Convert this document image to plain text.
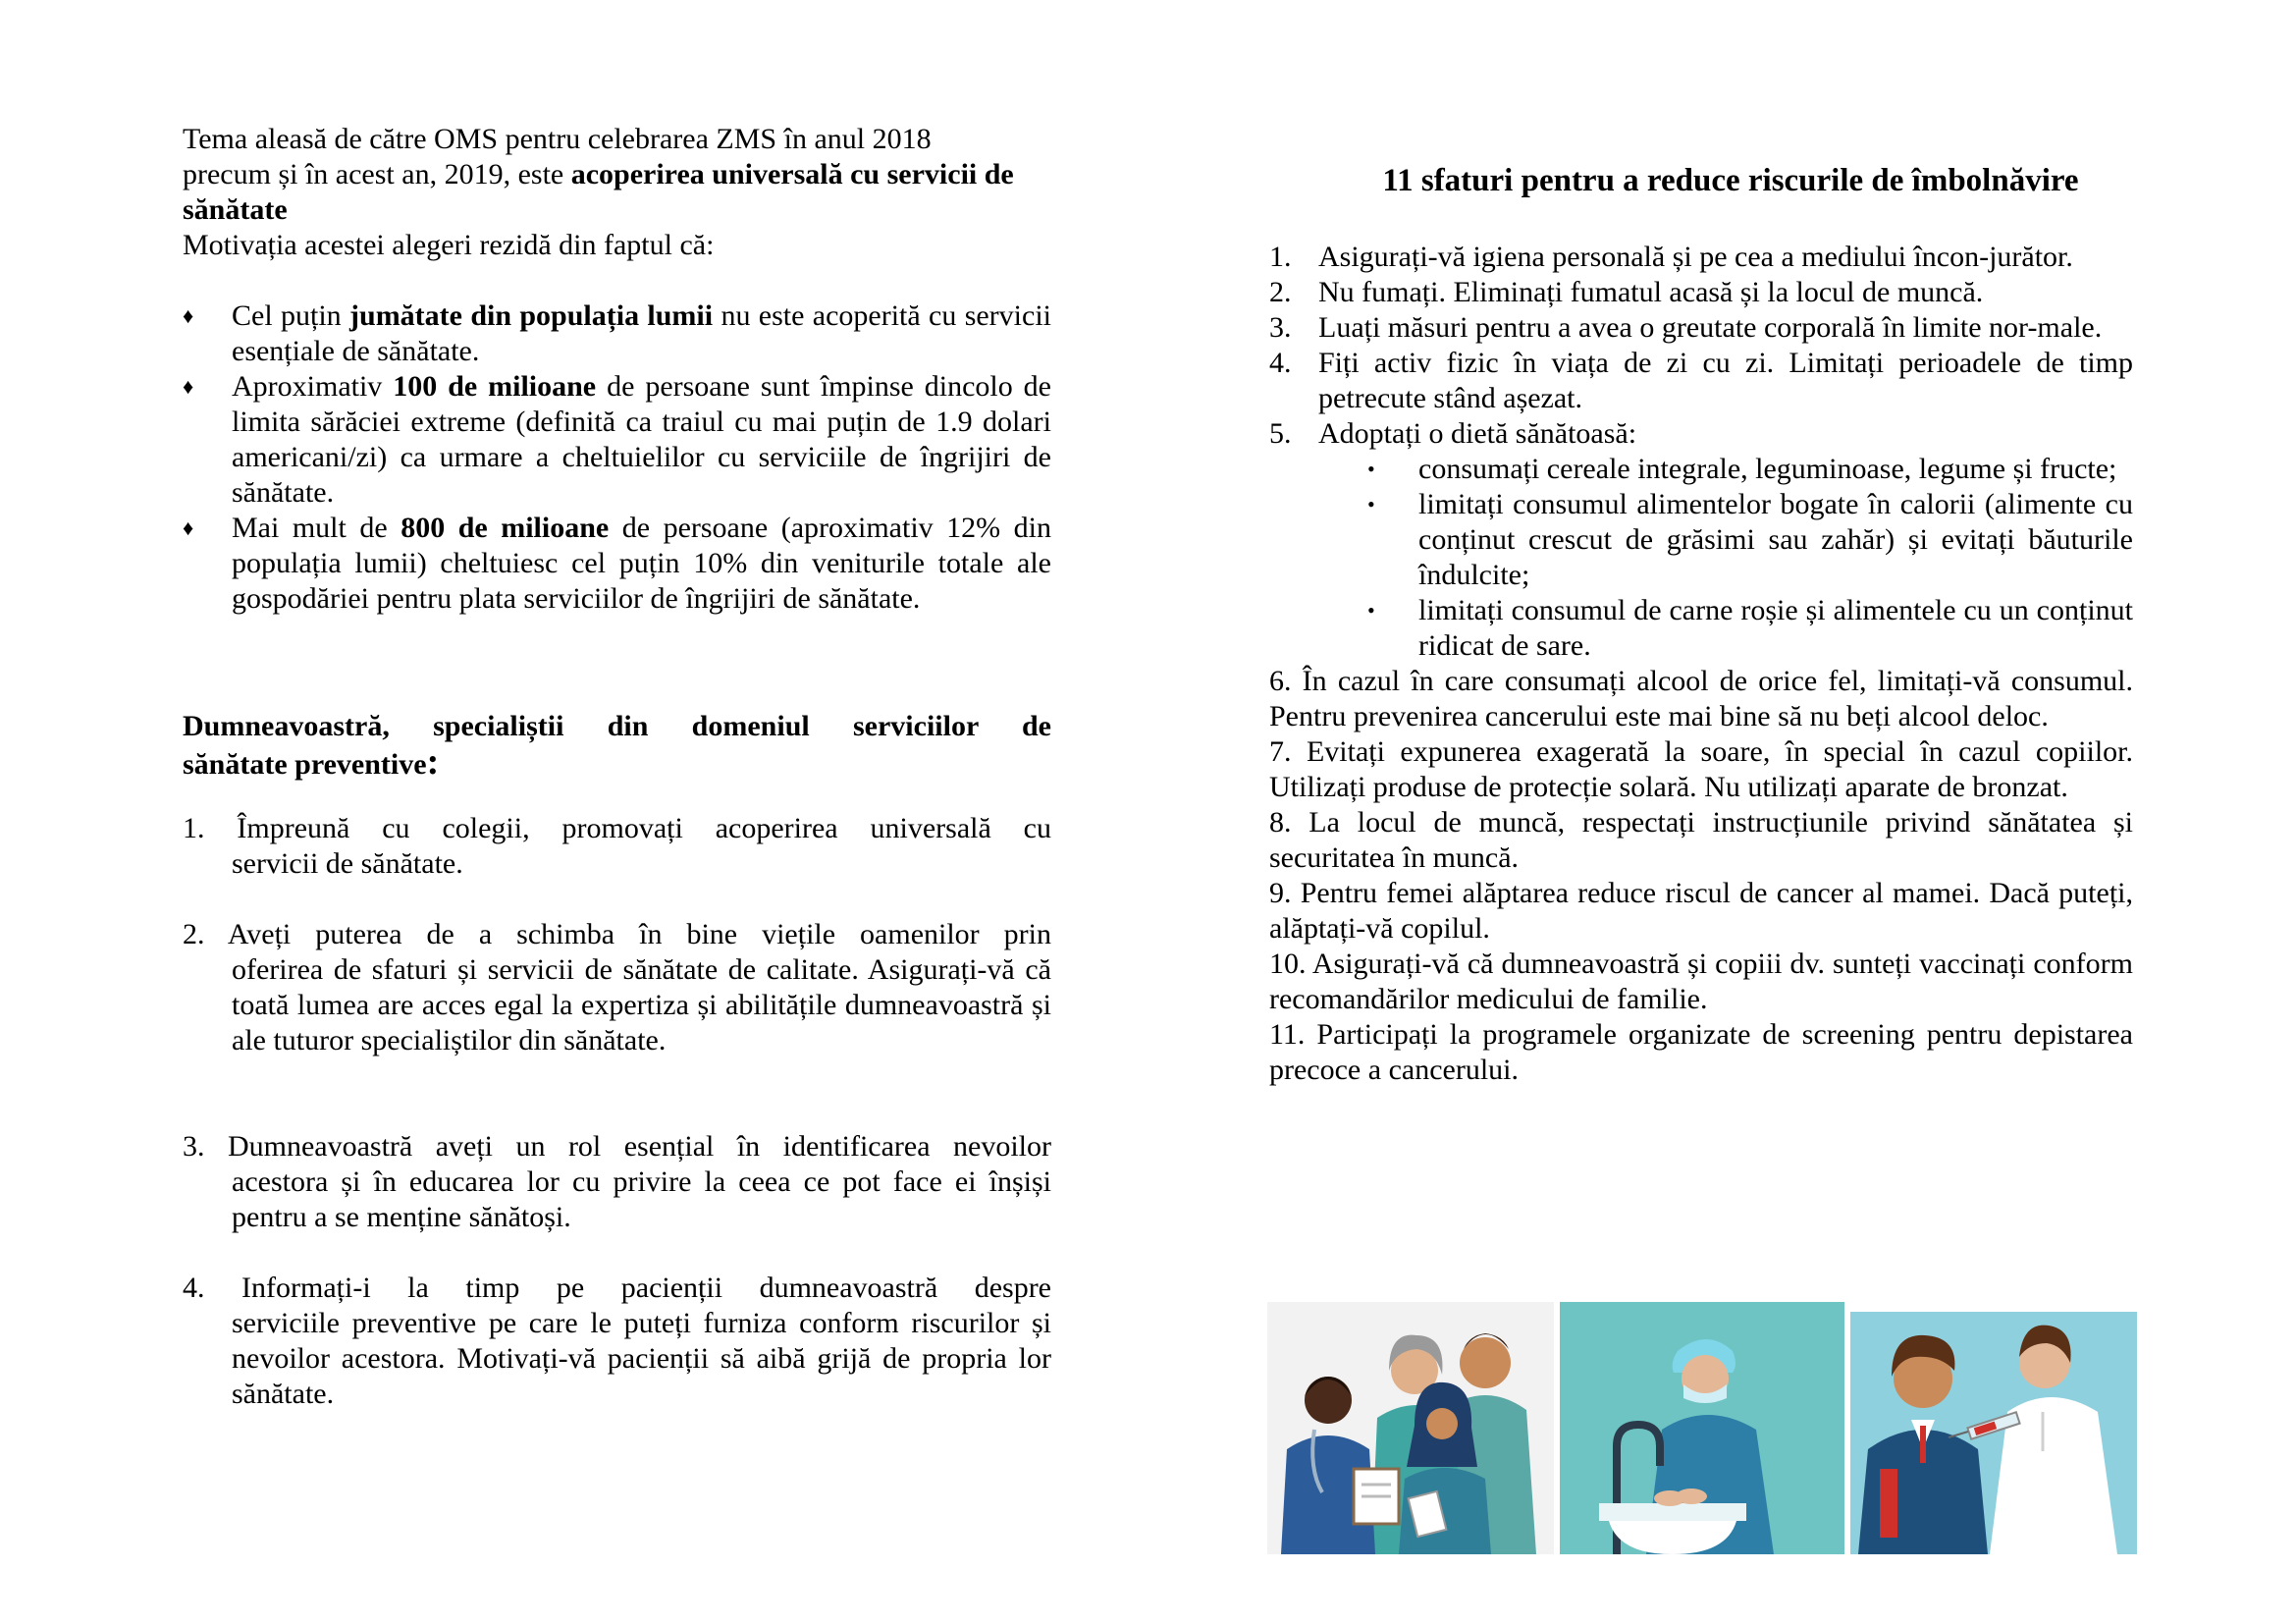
Tema aleasă de către OMS pentru celebrarea ZMS în anul 2018

precum și în acest an, 2019, este acoperirea universală cu servicii de sănătate

Motivația acestei alegeri rezidă din faptul că:

♦	Cel puțin jumătate din populația lumii nu este acoperită cu servicii esențiale de sănătate.
♦	Aproximativ 100 de milioane de persoane sunt împinse dincolo de limita sărăciei extreme (definită ca traiul cu mai puțin de 1.9 dolari americani/zi) ca urmare a cheltuielilor cu serviciile de îngrijiri de sănătate.
♦	Mai mult de 800 de milioane de persoane (aproximativ 12% din populația lumii) cheltuiesc cel puțin 10% din veniturile totale ale gospodăriei pentru plata serviciilor de îngrijiri de sănătate.
Dumneavoastră, specialiștii din domeniul serviciilor de
sănătate preventive:
1. Împreună cu colegii, promovați acoperirea universală cu
servicii de sănătate.
2. Aveți puterea de a schimba în bine viețile oamenilor prin
oferirea de sfaturi și servicii de sănătate de calitate. Asigurați-vă că toată lumea are acces egal la expertiza și abilitățile dumneavoastră și ale tuturor specialiștilor din sănătate.
3. Dumneavoastră aveți un rol esențial în identificarea nevoilor
acestora și în educarea lor cu privire la ceea ce pot face ei înșiși pentru a se menține sănătoși.
4. Informați-i la timp pe pacienții dumneavoastră despre
serviciile preventive pe care le puteți furniza conform riscurilor și nevoilor acestora. Motivați-vă pacienții să aibă grijă de propria lor sănătate.
11 sfaturi pentru a reduce riscurile de îmbolnăvire
1. Asigurați-vă igiena personală și pe cea a mediului încon-jurător.
2. Nu fumați. Eliminați fumatul acasă și la locul de muncă.
3. Luați măsuri pentru a avea o greutate corporală în limite nor-male.
4. Fiți activ fizic în viața de zi cu zi. Limitați perioadele de timp petrecute stând așezat.
5. Adoptați o dietă sănătoasă:
• consumați cereale integrale, leguminoase, legume și fructe;
• limitați consumul alimentelor bogate în calorii (alimente cu conținut crescut de grăsimi sau zahăr) și evitați băuturile îndulcite;
• limitați consumul de carne roșie și alimentele cu un conținut ridicat de sare.

6. În cazul în care consumați alcool de orice fel, limitați-vă consumul. Pentru prevenirea cancerului este mai bine să nu beți alcool deloc.

7. Evitați expunerea exagerată la soare, în special în cazul copiilor. Utilizați produse de protecție solară. Nu utilizați aparate de bronzat.

8. La locul de muncă, respectați instrucțiunile privind sănătatea și securitatea în muncă.

9. Pentru femei alăptarea reduce riscul de cancer al mamei. Dacă puteți, alăptați-vă copilul.

10. Asigurați-vă că dumneavoastră și copiii dv. sunteți vaccinați conform recomandărilor medicului de familie.

11. Participați la programele organizate de screening pentru depistarea precoce a cancerului.
